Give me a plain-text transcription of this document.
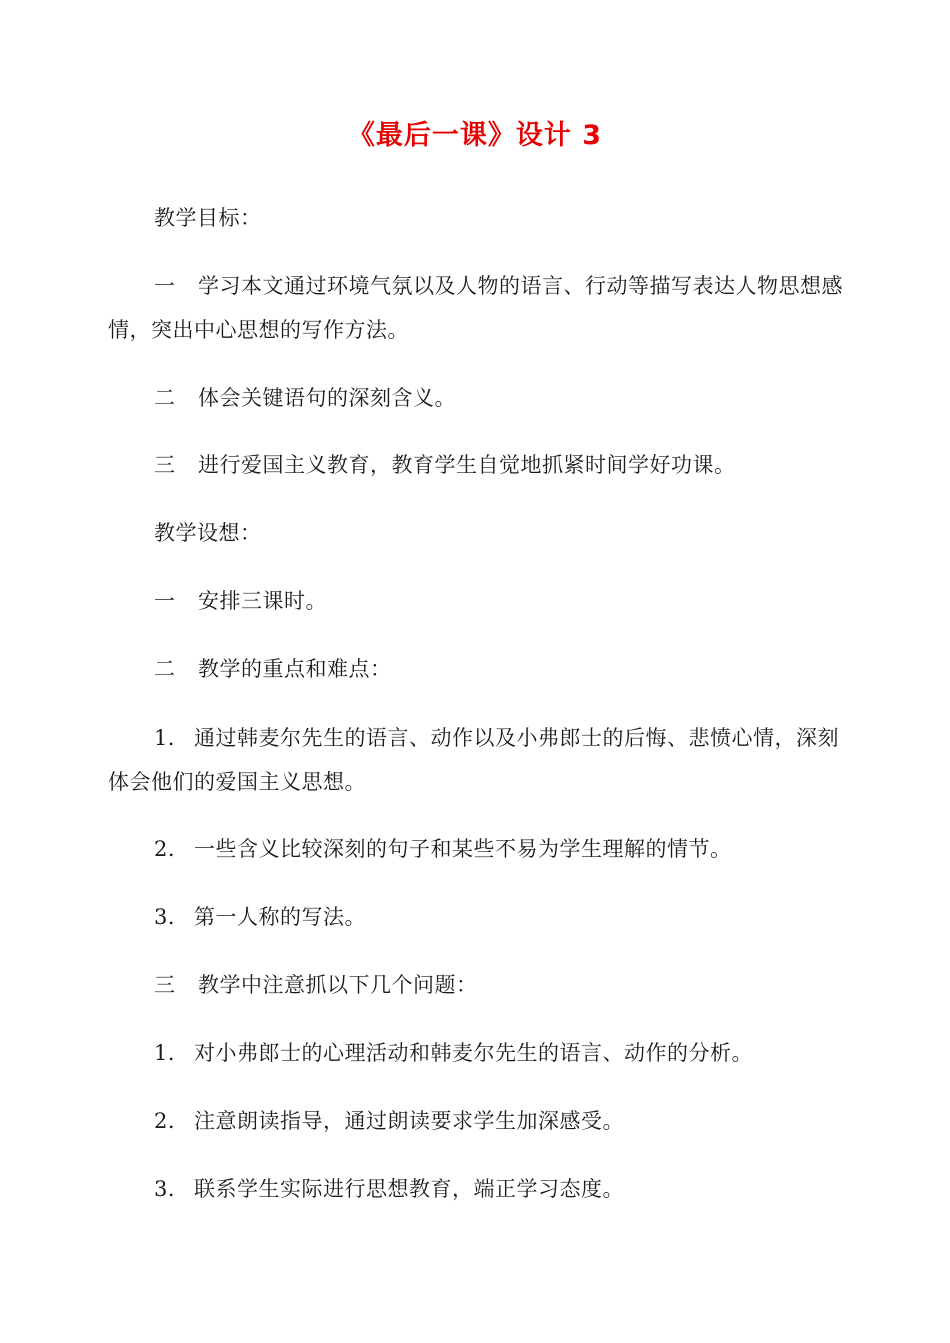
《最后一课》设计 3
教学目标：
一 学习本文通过环境气氛以及人物的语言、行动等描写表达人物思想感
情，突出中心思想的写作方法。
二 体会关键语句的深刻含义。
三 进行爱国主义教育，教育学生自觉地抓紧时间学好功课。
教学设想：
一 安排三课时。
二 教学的重点和难点：
1． 通过韩麦尔先生的语言、动作以及小弗郎士的后悔、悲愤心情，深刻
体会他们的爱国主义思想。
2． 一些含义比较深刻的句子和某些不易为学生理解的情节。
3． 第一人称的写法。
三 教学中注意抓以下几个问题：
1． 对小弗郎士的心理活动和韩麦尔先生的语言、动作的分析。
2． 注意朗读指导，通过朗读要求学生加深感受。
3． 联系学生实际进行思想教育，端正学习态度。
